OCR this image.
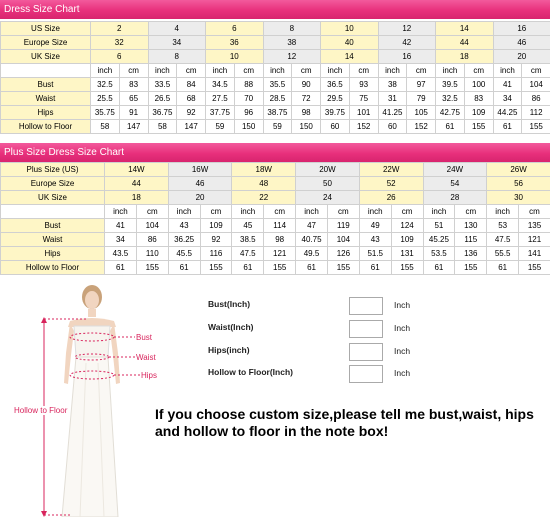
Dress Size Chart
US Size	2		4		6		8		10		12		14		16	
Europe Size	32		34		36		38		40		42		44		46	
UK Size	6		8		10		12		14		16		18		20	
	inch	cm	inch	cm	inch	cm	inch	cm	inch	cm	inch	cm	inch	cm	inch	cm
Bust	32.5	83	33.5	84	34.5	88	35.5	90	36.5	93	38	97	39.5	100	41	104
Waist	25.5	65	26.5	68	27.5	70	28.5	72	29.5	75	31	79	32.5	83	34	86
Hips	35.75	91	36.75	92	37.75	96	38.75	98	39.75	101	41.25	105	42.75	109	44.25	112
Hollow to Floor	58	147	58	147	59	150	59	150	60	152	60	152	61	155	61	155
Plus Size Dress Size Chart
Plus Size (US)	14W		16W		18W		20W		22W		24W		26W	
Europe Size	44		46		48		50		52		54		56	
UK Size	18		20		22		24		26		28		30	
	inch	cm	inch	cm	inch	cm	inch	cm	inch	cm	inch	cm	inch	cm
Bust	41	104	43	109	45	114	47	119	49	124	51	130	53	135
Waist	34	86	36.25	92	38.5	98	40.75	104	43	109	45.25	115	47.5	121
Hips	43.5	110	45.5	116	47.5	121	49.5	126	51.5	131	53.5	136	55.5	141
Hollow to Floor	61	155	61	155	61	155	61	155	61	155	61	155	61	155
Bust
Waist
Hips
Hollow to Floor
Bust(Inch)	Inch
Waist(Inch)	Inch
Hips(inch)	Inch
Hollow to Floor(Inch)	Inch
If you choose custom size,please tell me bust,waist, hips and hollow to floor in the note box!
